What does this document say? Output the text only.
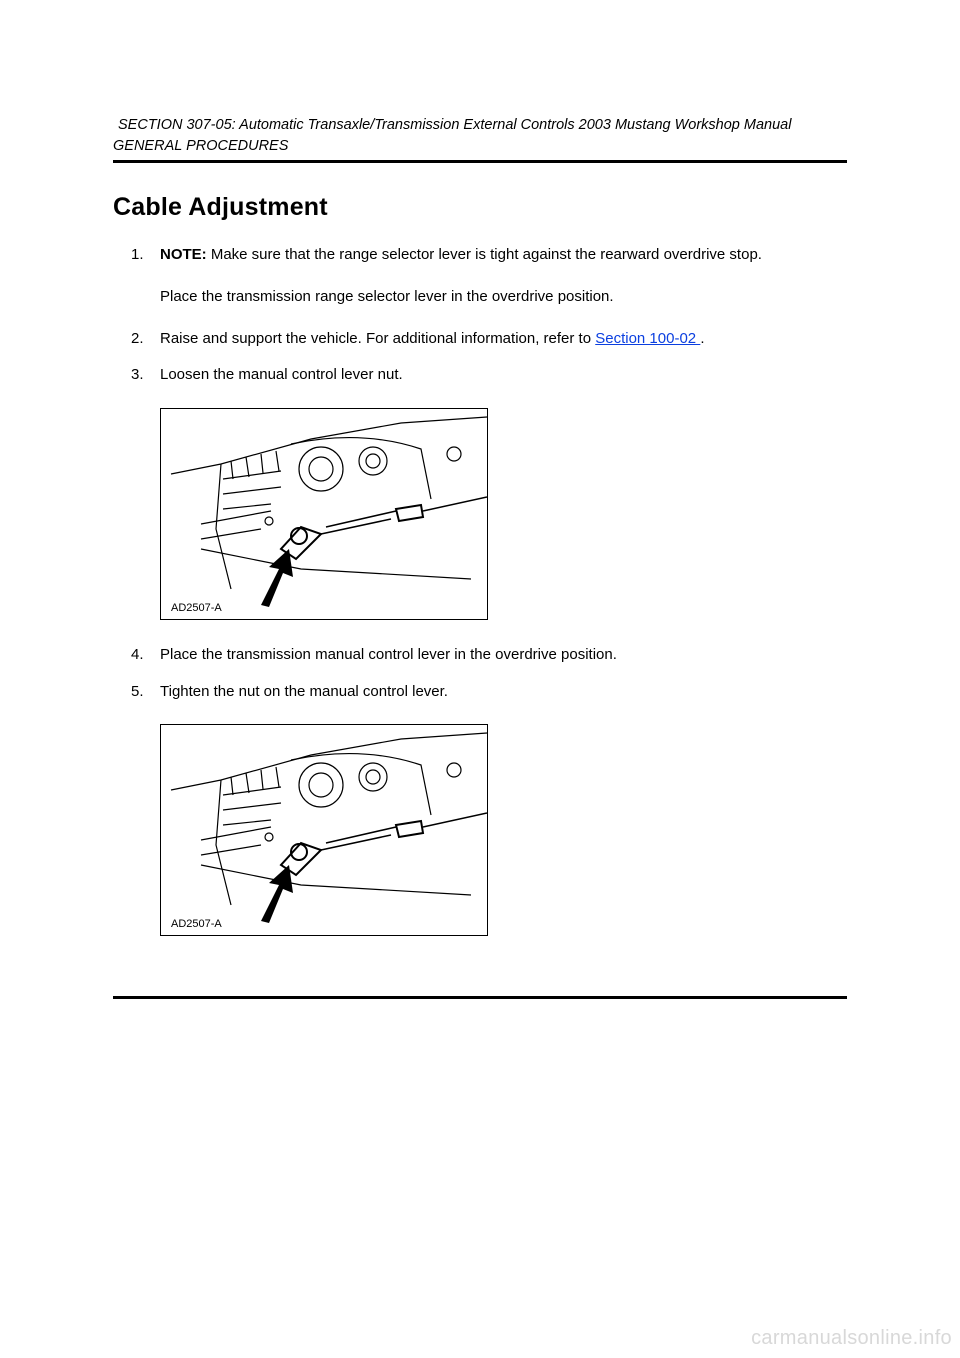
SECTION 307-05: Automatic Transaxle/Transmission External Controls 2003 Mustang Workshop Manual
GENERAL PROCEDURES
Cable Adjustment
1. NOTE: Make sure that the range selector lever is tight against the rearward overdrive stop.
Place the transmission range selector lever in the overdrive position.
2. Raise and support the vehicle. For additional information, refer to Section 100-02 .
3. Loosen the manual control lever nut.
AD2507-A
4. Place the transmission manual control lever in the overdrive position.
5. Tighten the nut on the manual control lever.
AD2507-A
carmanualsonline.info
